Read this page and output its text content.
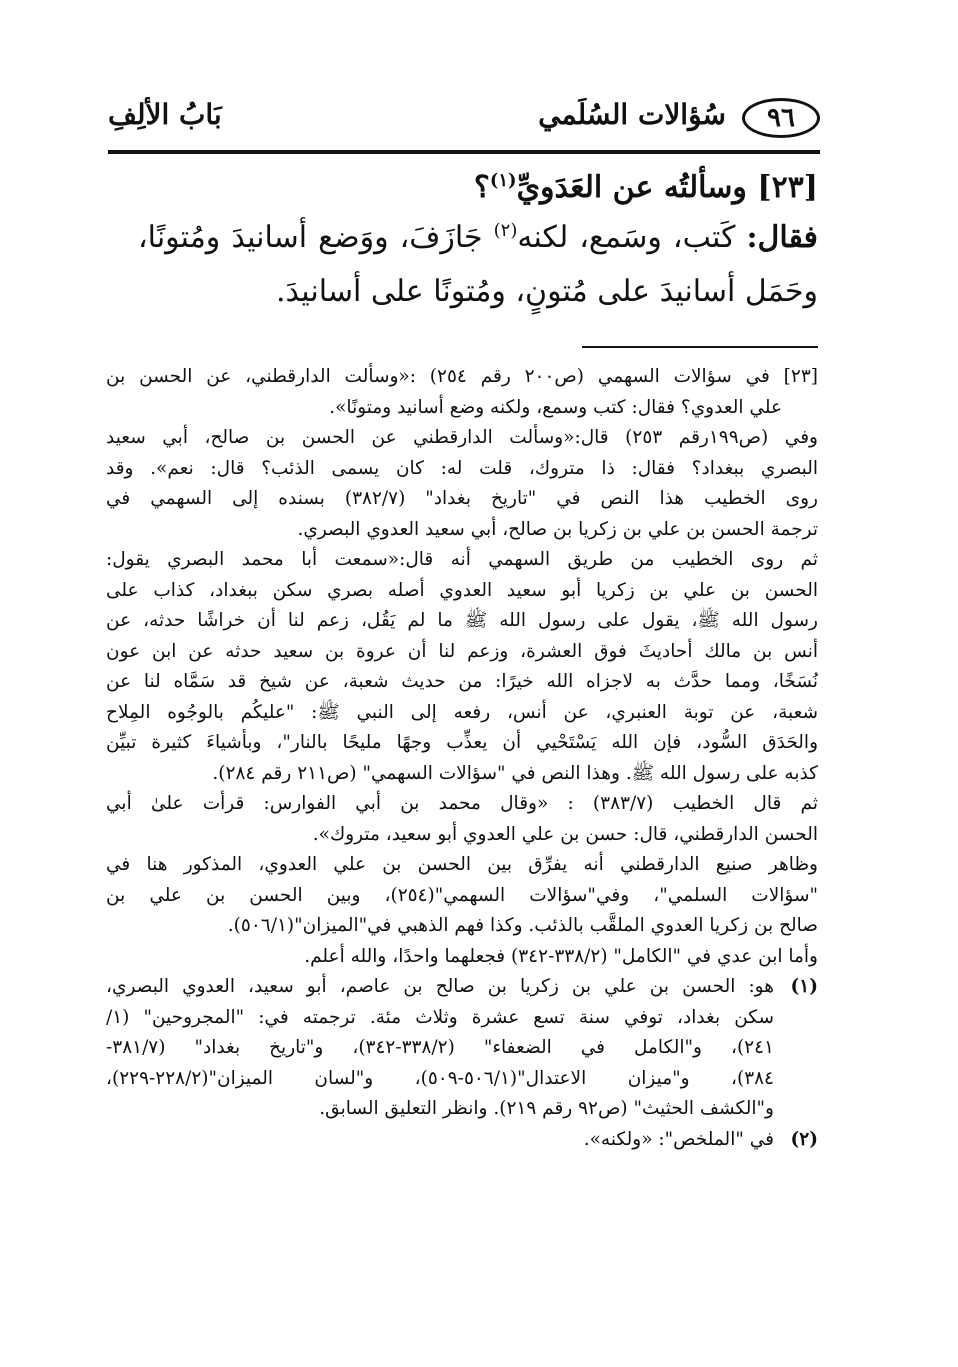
٩٦
سُؤالات السُلَمي
بَابُ الألِفِ

[٢٣] وسألتُه عن العَدَويِّ$^{(١)}$؟

فقال: كَتب، وسَمع، لكنه$^{(٢)}$ جَازَفَ، ووَضع أسانيدَ ومُتونًا،

وحَمَل أسانيدَ على مُتونٍ، ومُتونًا على أسانيدَ.

[٢٣] في سؤالات السهمي (ص٢٠٠ رقم ٢٥٤) :«وسألت الدارقطني، عن الحسن بن
علي العدوي؟ فقال: كتب وسمع، ولكنه وضع أسانيد ومتونًا».

وفي (ص١٩٩رقم ٢٥٣) قال:«وسألت الدارقطني عن الحسن بن صالح، أبي سعيد
البصري ببغداد؟ فقال: ذا متروك، قلت له: كان يسمى الذئب؟ قال: نعم». وقد
روى الخطيب هذا النص في "تاريخ بغداد" (٣٨٢/٧) بسنده إلى السهمي في
ترجمة الحسن بن علي بن زكريا بن صالح، أبي سعيد العدوي البصري.

ثم روى الخطيب من طريق السهمي أنه قال:«سمعت أبا محمد البصري يقول:
الحسن بن علي بن زكريا أبو سعيد العدوي أصله بصري سكن ببغداد، كذاب على
رسول الله ﷺ، يقول على رسول الله ﷺ ما لم يَقُل، زعم لنا أن خراشًا حدثه، عن
أنس بن مالك أحاديثَ فوق العشرة، وزعم لنا أن عروة بن سعيد حدثه عن ابن عون
نُسَخًا، ومما حدَّث به لاجزاه الله خيرًا: من حديث شعبة، عن شيخ قد سَمَّاه لنا عن
شعبة، عن توبة العنبري، عن أنس، رفعه إلى النبي ﷺ: "عليكُم بالوجُوه المِلاح
والحَدَق السُّود، فإن الله يَسْتَحْيي أن يعذِّب وجهًا مليحًا بالنار"، وبأشياءَ كثيرة تبيِّن
كذبه على رسول الله ﷺ. وهذا النص في "سؤالات السهمي" (ص٢١١ رقم ٢٨٤).

ثم قال الخطيب (٣٨٣/٧) : «وقال محمد بن أبي الفوارس: قرأت علىٰ أبي
الحسن الدارقطني، قال: حسن بن علي العدوي أبو سعيد، متروك».

وظاهر صنيع الدارقطني أنه يفرِّق بين الحسن بن علي العدوي، المذكور هنا في
"سؤالات السلمي"، وفي"سؤالات السهمي"(٢٥٤)، وبين الحسن بن علي بن
صالح بن زكريا العدوي الملقَّب بالذئب. وكذا فهم الذهبي في"الميزان"(٥٠٦/١).

وأما ابن عدي في "الكامل" (٣٣٨/٢-٣٤٢) فجعلهما واحدًا، والله أعلم.

(١)
هو: الحسن بن علي بن زكريا بن صالح بن عاصم، أبو سعيد، العدوي البصري،
سكن بغداد، توفي سنة تسع عشرة وثلاث مئة. ترجمته في: "المجروحين" (١/
٢٤١)، و"الكامل في الضعفاء" (٣٣٨/٢-٣٤٢)، و"تاريخ بغداد" (٣٨١/٧-
٣٨٤)، و"ميزان الاعتدال"(٥٠٦/١-٥٠٩)، و"لسان الميزان"(٢٢٨/٢-٢٢٩)،
و"الكشف الحثيث" (ص٩٢ رقم ٢١٩). وانظر التعليق السابق.
(٢)
في "الملخص": «ولكنه».
